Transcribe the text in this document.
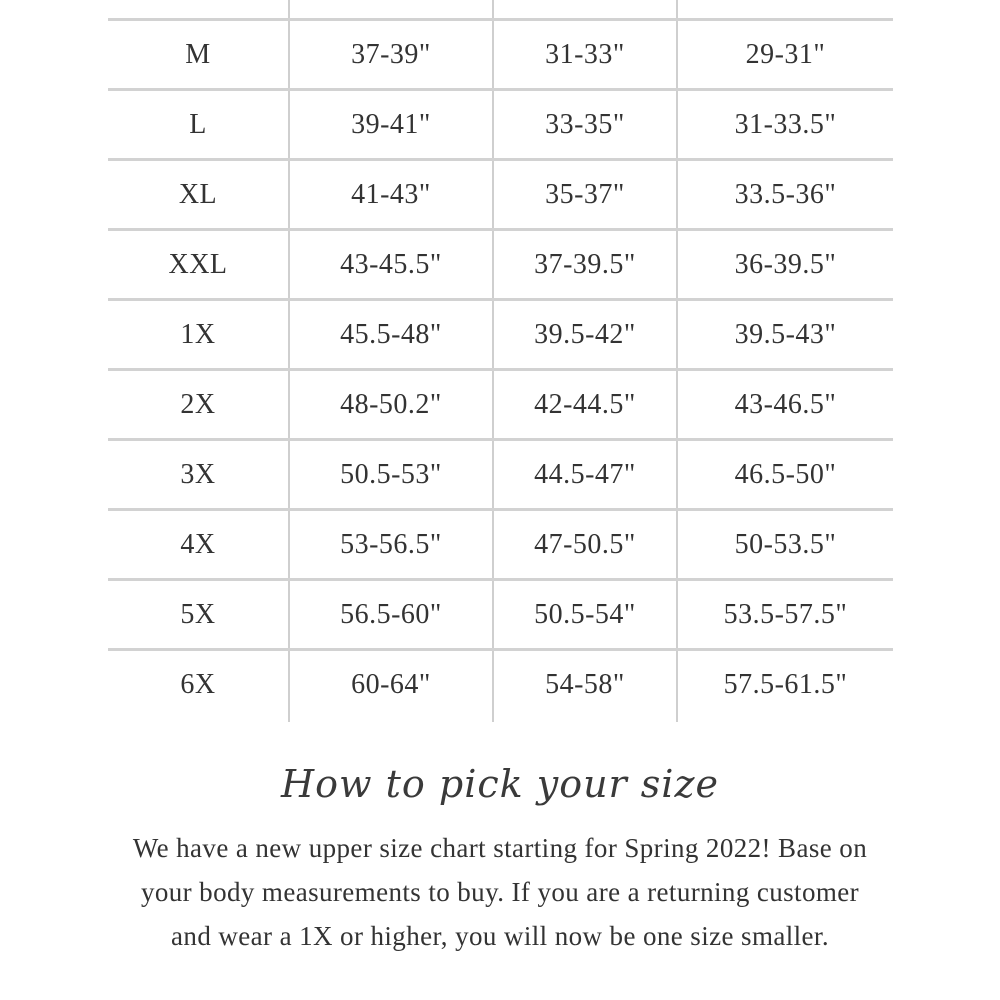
M	37-39"	31-33"	29-31"
L	39-41"	33-35"	31-33.5"
XL	41-43"	35-37"	33.5-36"
XXL	43-45.5"	37-39.5"	36-39.5"
1X	45.5-48"	39.5-42"	39.5-43"
2X	48-50.2"	42-44.5"	43-46.5"
3X	50.5-53"	44.5-47"	46.5-50"
4X	53-56.5"	47-50.5"	50-53.5"
5X	56.5-60"	50.5-54"	53.5-57.5"
6X	60-64"	54-58"	57.5-61.5"
How to pick your size
We have a new upper size chart starting for Spring 2022! Base on
your body measurements to buy. If you are a returning customer
and wear a 1X or higher, you will now be one size smaller.
